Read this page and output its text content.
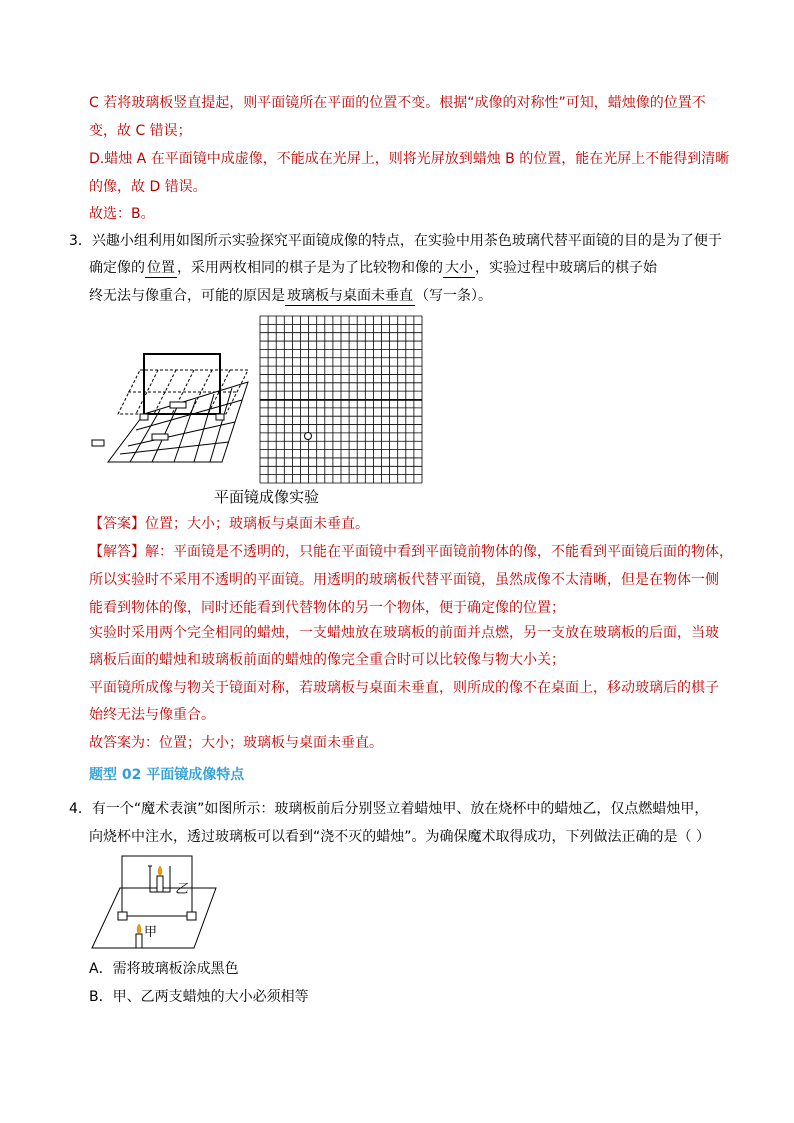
C 若将玻璃板竖直提起，则平面镜所在平面的位置不变。根据“成像的对称性”可知，蜡烛像的位置不
变，故 C 错误；
D.蜡烛 A 在平面镜中成虚像，不能成在光屏上，则将光屏放到蜡烛 B 的位置，能在光屏上不能得到清晰
的像，故 D 错误。
故选：B。
3．兴趣小组利用如图所示实验探究平面镜成像的特点，在实验中用茶色玻璃代替平面镜的目的是为了便于
确定像的位置，采用两枚相同的棋子是为了比较物和像的大小，实验过程中玻璃后的棋子始
终无法与像重合，可能的原因是玻璃板与桌面未垂直（写一条）。
平面镜成像实验
【答案】位置；大小；玻璃板与桌面未垂直。
【解答】解：平面镜是不透明的，只能在平面镜中看到平面镜前物体的像，不能看到平面镜后面的物体，
所以实验时不采用不透明的平面镜。用透明的玻璃板代替平面镜，虽然成像不太清晰，但是在物体一侧
能看到物体的像，同时还能看到代替物体的另一个物体，便于确定像的位置；
实验时采用两个完全相同的蜡烛，一支蜡烛放在玻璃板的前面并点燃，另一支放在玻璃板的后面，当玻
璃板后面的蜡烛和玻璃板前面的蜡烛的像完全重合时可以比较像与物大小关；
平面镜所成像与物关于镜面对称，若玻璃板与桌面未垂直，则所成的像不在桌面上，移动玻璃后的棋子
始终无法与像重合。
故答案为：位置；大小；玻璃板与桌面未垂直。
题型 02 平面镜成像特点
4．有一个“魔术表演”如图所示：玻璃板前后分别竖立着蜡烛甲、放在烧杯中的蜡烛乙，仅点燃蜡烛甲，
向烧杯中注水，透过玻璃板可以看到“浇不灭的蜡烛”。为确保魔术取得成功，下列做法正确的是（ ）
甲
乙
A．需将玻璃板涂成黑色
B．甲、乙两支蜡烛的大小必须相等
